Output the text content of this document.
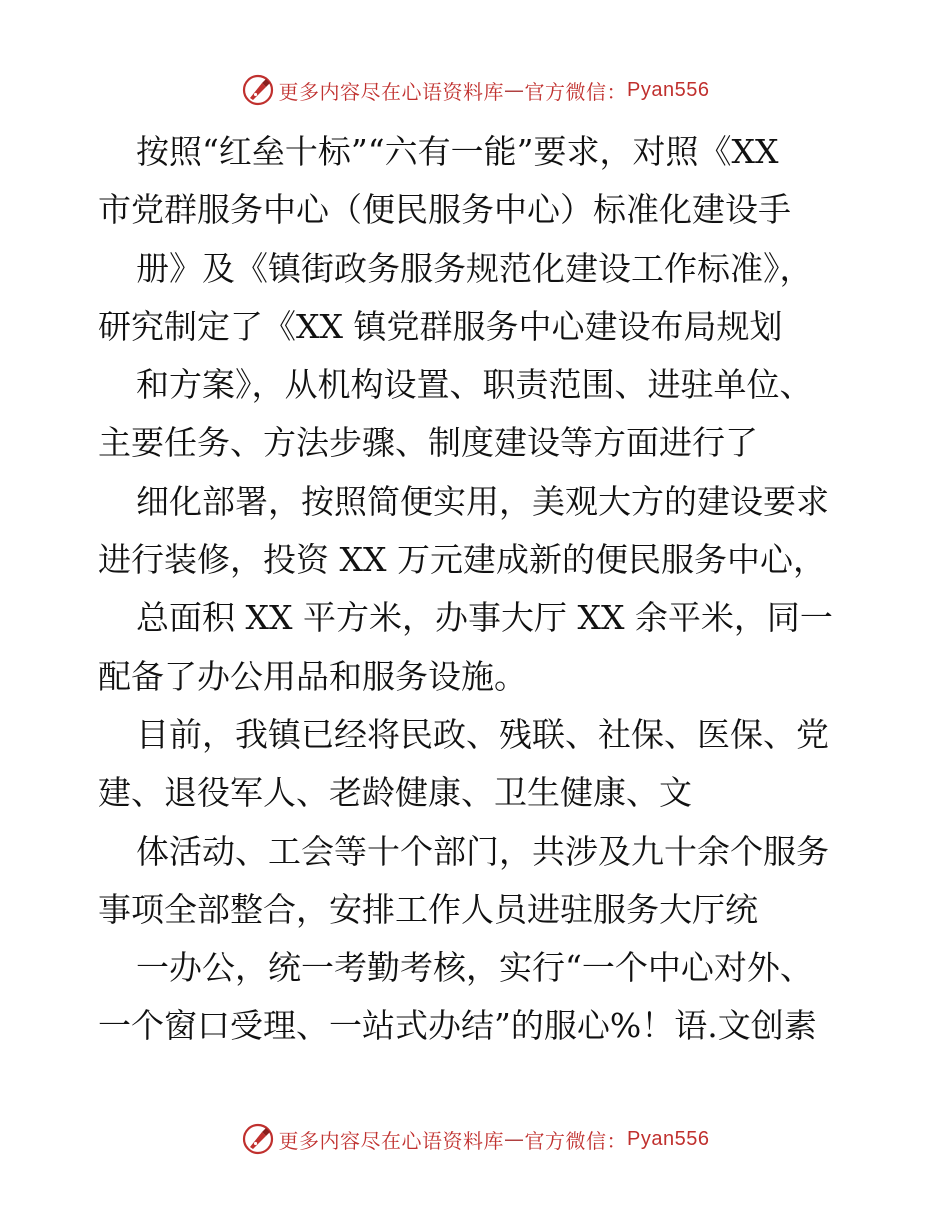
更多内容尽在心语资料库 — 官方微信： Pyan556
按照“红垒十标”“六有一能”要求，对照《XX
市党群服务中心（便民服务中心）标准化建设手
册》及《镇街政务服务规范化建设工作标准》，
研究制定了《XX 镇党群服务中心建设布局规划
和方案》，从机构设置、职责范围、进驻单位、
主要任务、方法步骤、制度建设等方面进行了
细化部署，按照简便实用，美观大方的建设要求
进行装修，投资 XX 万元建成新的便民服务中心，
总面积 XX 平方米，办事大厅 XX 余平米，同一
配备了办公用品和服务设施。
目前，我镇已经将民政、残联、社保、医保、党
建、退役军人、老龄健康、卫生健康、文
体活动、工会等十个部门，共涉及九十余个服务
事项全部整合，安排工作人员进驻服务大厅统
一办公，统一考勤考核，实行“一个中心对外、
一个窗口受理、一站式办结”的服心%！语.文创素
更多内容尽在心语资料库 — 官方微信： Pyan556
